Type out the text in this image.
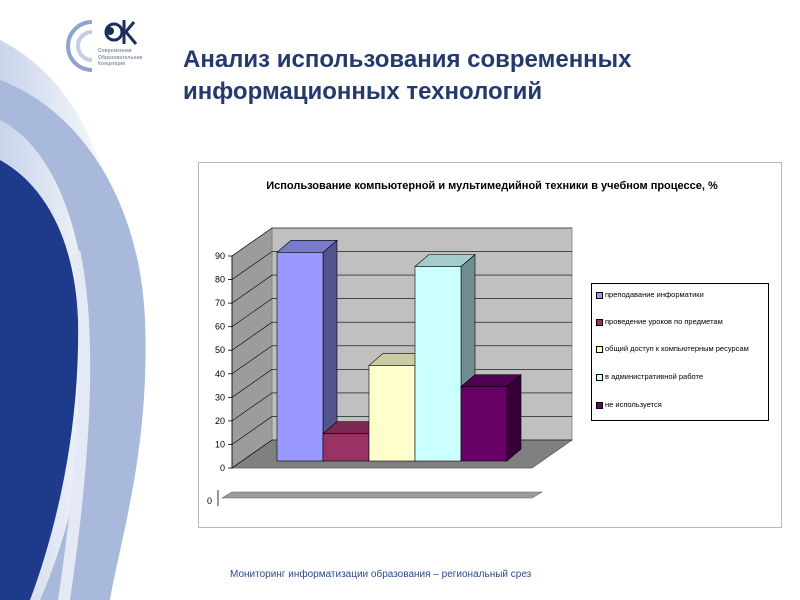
Современная
Образовательная
Концепция	Анализ использования современных
информационных технологий
0
10
20
30
40
50
60
70
80
90
0
Использование компьютерной и мультимедийной техники в учебном процессе, %
преподавание информатики
проведение уроков по предметам
общий доступ к компьютерным ресурсам
в административной работе
не используется
Мониторинг информатизации образования – региональный срез
